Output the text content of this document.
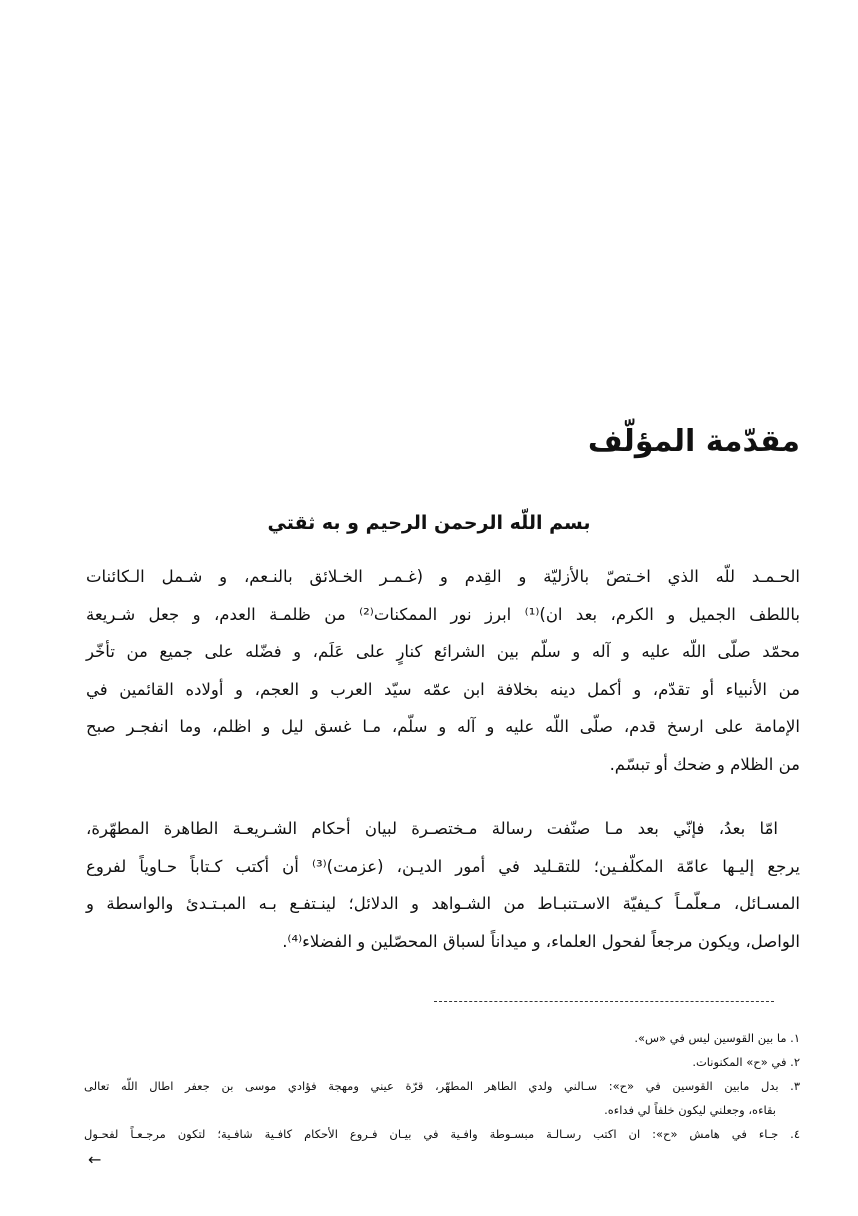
مقدّمة المؤلّف

بسم اللّه الرحمن الرحيم و به ثقتي

الحـمـد للّه الذي اخـتصّ بالأزليّة و القِدم و (غـمـر الخـلائق بالنـعم، و شـمل الـكائنات
باللطف الجميل و الكرم، بعد ان)⁽¹⁾ ابرز نور الممكنات⁽²⁾ من ظلمـة العدم، و جعل شـريعة
محمّد صلّى اللّه عليه و آله و سلّم بين الشرائع كنارٍ على عَلَم، و فضّله على جميع من تأخّر
من الأنبياء أو تقدّم، و أكمل دينه بخلافة ابن عمّه سيّد العرب و العجم، و أولاده القائمين في
الإمامة على ارسخ قدم، صلّى اللّه عليه و آله و سلّم، مـا غسق ليل و اظلم، وما انفجـر صبح
من الظلام و ضحك أو تبسّم.
امّا بعدُ، فإنّي بعد مـا صنّفت رسالة مـختصـرة لبيان أحكام الشـريعـة الطاهرة المطهّرة،
يرجع إليـها عامّة المكلّفـين؛ للتقـليد في أمور الديـن، (عزمت)⁽³⁾ أن أكتب كـتاباً حـاوياً لفروع
المسـائل، مـعلّمـاً كـيفيّة الاسـتنبـاط من الشـواهد و الدلائل؛ لينـتفـع بـه المبـتـدئ والواسطة و
الواصل، ويكون مرجعاً لفحول العلماء، و ميداناً لسباق المحصّلين و الفضلاء⁽⁴⁾.
١. ما بين القوسين ليس في «س».
٢. في «ح» المكنونات.
٣. بدل مابين القوسين في «ح»: سـالني ولدي الطاهر المطهّر، قرّة عيني ومهجة فؤادي موسى بن جعفر اطال اللّه تعالى
بقاءه، وجعلني ليكون خلفاً لي فداءه.
٤. جـاء في هامش «ح»: ان اكتب رسـالـة مبسـوطة وافـية في بيـان فـروع الأحكام كافـية شافـية؛ لتكون مرجـعـاً لفحـول
←
